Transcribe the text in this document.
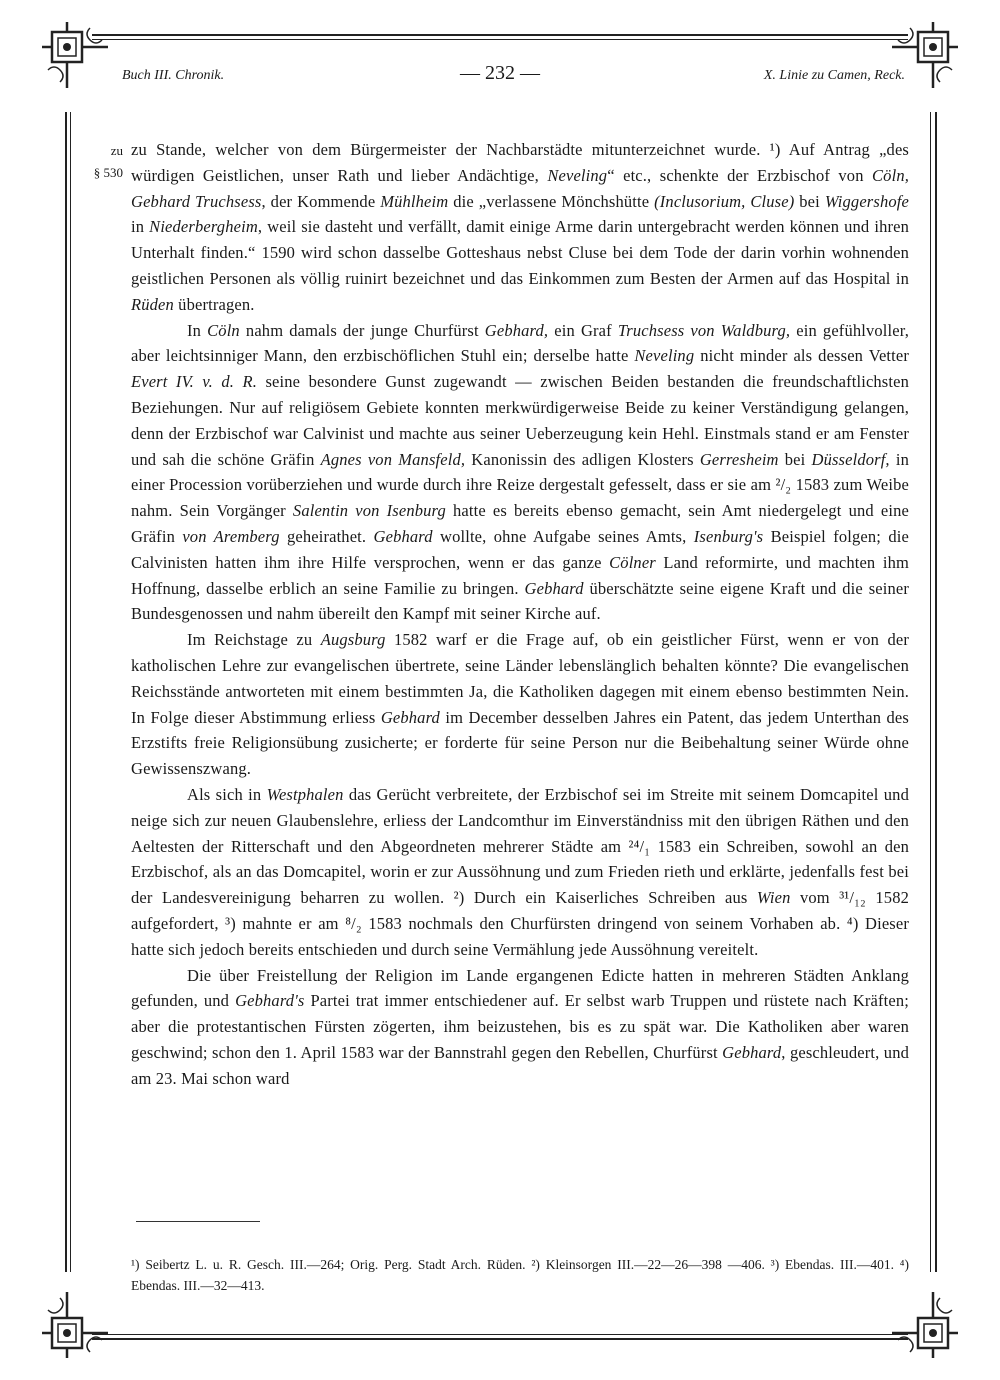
Buch III. Chronik.	— 232 —	X. Linie zu Camen, Reck.
zu
§ 530

zu Stande, welcher von dem Bürgermeister der Nachbarstädte mitunterzeichnet wurde. ¹) Auf Antrag „des würdigen Geistlichen, unser Rath und lieber Andächtige, Neveling“ etc., schenkte der Erzbischof von Cöln, Gebhard Truchsess, der Kommende Mühlheim die „verlassene Mönchshütte (Inclusorium, Cluse) bei Wiggershofe in Niederbergheim, weil sie dasteht und verfällt, damit einige Arme darin untergebracht werden können und ihren Unterhalt finden.“ 1590 wird schon dasselbe Gotteshaus nebst Cluse bei dem Tode der darin vorhin wohnenden geistlichen Personen als völlig ruinirt bezeichnet und das Einkommen zum Besten der Armen auf das Hospital in Rüden übertragen.

In Cöln nahm damals der junge Churfürst Gebhard, ein Graf Truchsess von Waldburg, ein gefühlvoller, aber leichtsinniger Mann, den erzbischöflichen Stuhl ein; derselbe hatte Neveling nicht minder als dessen Vetter Evert IV. v. d. R. seine besondere Gunst zugewandt — zwischen Beiden bestanden die freundschaftlichsten Beziehungen. Nur auf religiösem Gebiete konnten merkwürdigerweise Beide zu keiner Verständigung gelangen, denn der Erzbischof war Calvinist und machte aus seiner Ueberzeugung kein Hehl. Einstmals stand er am Fenster und sah die schöne Gräfin Agnes von Mansfeld, Kanonissin des adligen Klosters Gerresheim bei Düsseldorf, in einer Procession vorüberziehen und wurde durch ihre Reize dergestalt gefesselt, dass er sie am ²/₂ 1583 zum Weibe nahm. Sein Vorgänger Salentin von Isenburg hatte es bereits ebenso gemacht, sein Amt niedergelegt und eine Gräfin von Aremberg geheirathet. Gebhard wollte, ohne Aufgabe seines Amts, Isenburg's Beispiel folgen; die Calvinisten hatten ihm ihre Hilfe versprochen, wenn er das ganze Cölner Land reformirte, und machten ihm Hoffnung, dasselbe erblich an seine Familie zu bringen. Gebhard überschätzte seine eigene Kraft und die seiner Bundesgenossen und nahm übereilt den Kampf mit seiner Kirche auf.

Im Reichstage zu Augsburg 1582 warf er die Frage auf, ob ein geistlicher Fürst, wenn er von der katholischen Lehre zur evangelischen übertrete, seine Länder lebenslänglich behalten könnte? Die evangelischen Reichsstände antworteten mit einem bestimmten Ja, die Katholiken dagegen mit einem ebenso bestimmten Nein. In Folge dieser Abstimmung erliess Gebhard im December desselben Jahres ein Patent, das jedem Unterthan des Erzstifts freie Religionsübung zusicherte; er forderte für seine Person nur die Beibehaltung seiner Würde ohne Gewissenszwang.

Als sich in Westphalen das Gerücht verbreitete, der Erzbischof sei im Streite mit seinem Domcapitel und neige sich zur neuen Glaubenslehre, erliess der Landcomthur im Einverständniss mit den übrigen Räthen und den Aeltesten der Ritterschaft und den Abgeordneten mehrerer Städte am ²⁴/₁ 1583 ein Schreiben, sowohl an den Erzbischof, als an das Domcapitel, worin er zur Aussöhnung und zum Frieden rieth und erklärte, jedenfalls fest bei der Landesvereinigung beharren zu wollen. ²) Durch ein Kaiserliches Schreiben aus Wien vom ³¹/₁₂ 1582 aufgefordert, ³) mahnte er am ⁸/₂ 1583 nochmals den Churfürsten dringend von seinem Vorhaben ab. ⁴) Dieser hatte sich jedoch bereits entschieden und durch seine Vermählung jede Aussöhnung vereitelt.

Die über Freistellung der Religion im Lande ergangenen Edicte hatten in mehreren Städten Anklang gefunden, und Gebhard's Partei trat immer entschiedener auf. Er selbst warb Truppen und rüstete nach Kräften; aber die protestantischen Fürsten zögerten, ihm beizustehen, bis es zu spät war. Die Katholiken aber waren geschwind; schon den 1. April 1583 war der Bannstrahl gegen den Rebellen, Churfürst Gebhard, geschleudert, und am 23. Mai schon ward

¹) Seibertz L. u. R. Gesch. III.—264; Orig. Perg. Stadt Arch. Rüden. ²) Kleinsorgen III.—22—26—398 —406. ³) Ebendas. III.—401. ⁴) Ebendas. III.—32—413.
